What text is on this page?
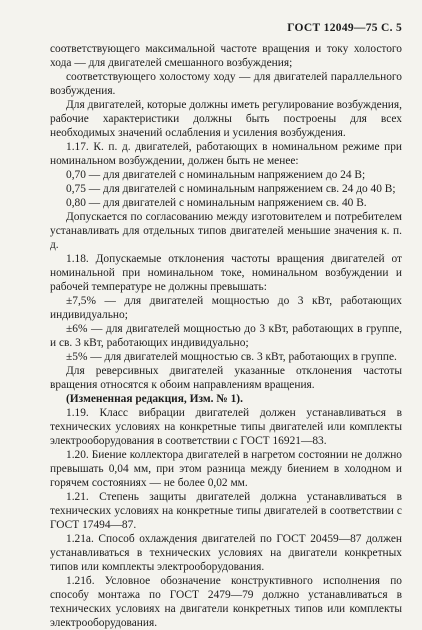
ГОСТ 12049—75 С. 5

соответствующего максимальной частоте вращения и току холостого хода — для двигателей смешанного возбуждения;

соответствующего холостому ходу — для двигателей параллельного возбуждения.

Для двигателей, которые должны иметь регулирование возбуждения, рабочие характеристики должны быть построены для всех необходимых значений ослабления и усиления возбуждения.

1.17. К. п. д. двигателей, работающих в номинальном режиме при номинальном возбуждении, должен быть не менее:

0,70 — для двигателей с номинальным напряжением до 24 В;

0,75 — для двигателей с номинальным напряжением св. 24 до 40 В;

0,80 — для двигателей с номинальным напряжением св. 40 В.

Допускается по согласованию между изготовителем и потребителем устанавливать для отдельных типов двигателей меньшие значения к. п. д.

1.18. Допускаемые отклонения частоты вращения двигателей от номинальной при номинальном токе, номинальном возбуждении и рабочей температуре не должны превышать:

±7,5% — для двигателей мощностью до 3 кВт, работающих индивидуально;

±6% — для двигателей мощностью до 3 кВт, работающих в группе, и св. 3 кВт, работающих индивидуально;

±5% — для двигателей мощностью св. 3 кВт, работающих в группе.

Для реверсивных двигателей указанные отклонения частоты вращения относятся к обоим направлениям вращения.

(Измененная редакция, Изм. № 1).

1.19. Класс вибрации двигателей должен устанавливаться в технических условиях на конкретные типы двигателей или комплекты электрооборудования в соответствии с ГОСТ 16921—83.

1.20. Биение коллектора двигателей в нагретом состоянии не должно превышать 0,04 мм, при этом разница между биением в холодном и горячем состояниях — не более 0,02 мм.

1.21. Степень защиты двигателей должна устанавливаться в технических условиях на конкретные типы двигателей в соответствии с ГОСТ 17494—87.

1.21а. Способ охлаждения двигателей по ГОСТ 20459—87 должен устанавливаться в технических условиях на двигатели конкретных типов или комплекты электрооборудования.

1.21б. Условное обозначение конструктивного исполнения по способу монтажа по ГОСТ 2479—79 должно устанавливаться в технических условиях на двигатели конкретных типов или комплекты электрооборудования.
